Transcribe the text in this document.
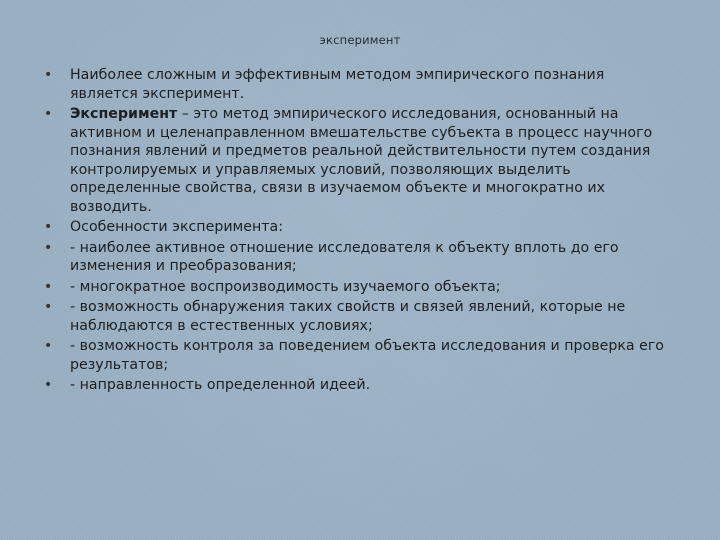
эксперимент
• Наиболее сложным и эффективным методом эмпирического познания является эксперимент.
• Эксперимент – это метод эмпирического исследования, основанный на активном и целенаправленном вмешательстве субъекта в процесс научного познания явлений и предметов реальной действительности путем создания контролируемых и управляемых условий, позволяющих выделить определенные свойства, связи в изучаемом объекте и многократно их возводить.
• Особенности эксперимента:
• - наиболее активное отношение исследователя к объекту вплоть до его изменения и преобразования;
• - многократное воспроизводимость изучаемого объекта;
• - возможность обнаружения таких свойств и связей явлений, которые не наблюдаются в естественных условиях;
• - возможность контроля за поведением объекта исследования и проверка его результатов;
• - направленность определенной идеей.
